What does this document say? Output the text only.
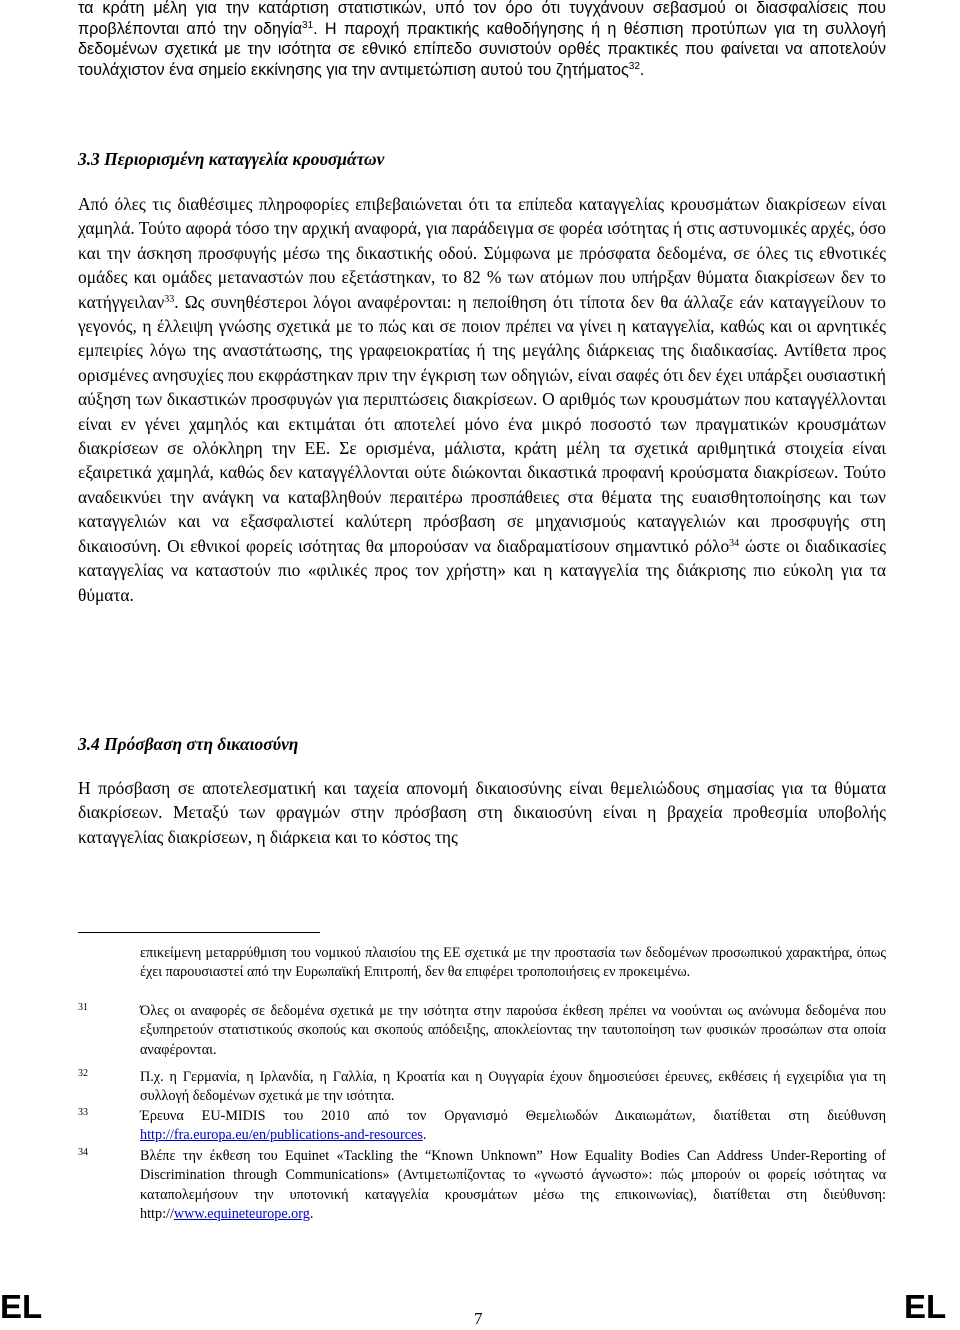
τα κράτη μέλη για την κατάρτιση στατιστικών, υπό τον όρο ότι τυγχάνουν σεβασμού οι διασφαλίσεις που προβλέπονται από την οδηγία$^{31}$. Η παροχή πρακτικής καθοδήγησης ή η θέσπιση προτύπων για τη συλλογή δεδομένων σχετικά με την ισότητα σε εθνικό επίπεδο συνιστούν ορθές πρακτικές που φαίνεται να αποτελούν τουλάχιστον ένα σημείο εκκίνησης για την αντιμετώπιση αυτού του ζητήματος$^{32}$.

3.3 Περιορισμένη καταγγελία κρουσμάτων

Από όλες τις διαθέσιμες πληροφορίες επιβεβαιώνεται ότι τα επίπεδα καταγγελίας κρουσμάτων διακρίσεων είναι χαμηλά. Τούτο αφορά τόσο την αρχική αναφορά, για παράδειγμα σε φορέα ισότητας ή στις αστυνομικές αρχές, όσο και την άσκηση προσφυγής μέσω της δικαστικής οδού. Σύμφωνα με πρόσφατα δεδομένα, σε όλες τις εθνοτικές ομάδες και ομάδες μεταναστών που εξετάστηκαν, το 82 % των ατόμων που υπήρξαν θύματα διακρίσεων δεν το κατήγγειλαν$^{33}$. Ως συνηθέστεροι λόγοι αναφέρονται: η πεποίθηση ότι τίποτα δεν θα άλλαζε εάν καταγγείλουν το γεγονός, η έλλειψη γνώσης σχετικά με το πώς και σε ποιον πρέπει να γίνει η καταγγελία, καθώς και οι αρνητικές εμπειρίες λόγω της αναστάτωσης, της γραφειοκρατίας ή της μεγάλης διάρκειας της διαδικασίας. Αντίθετα προς ορισμένες ανησυχίες που εκφράστηκαν πριν την έγκριση των οδηγιών, είναι σαφές ότι δεν έχει υπάρξει ουσιαστική αύξηση των δικαστικών προσφυγών για περιπτώσεις διακρίσεων. Ο αριθμός των κρουσμάτων που καταγγέλλονται είναι εν γένει χαμηλός και εκτιμάται ότι αποτελεί μόνο ένα μικρό ποσοστό των πραγματικών κρουσμάτων διακρίσεων σε ολόκληρη την ΕΕ. Σε ορισμένα, μάλιστα, κράτη μέλη τα σχετικά αριθμητικά στοιχεία είναι εξαιρετικά χαμηλά, καθώς δεν καταγγέλλονται ούτε διώκονται δικαστικά προφανή κρούσματα διακρίσεων. Τούτο αναδεικνύει την ανάγκη να καταβληθούν περαιτέρω προσπάθειες στα θέματα της ευαισθητοποίησης και των καταγγελιών και να εξασφαλιστεί καλύτερη πρόσβαση σε μηχανισμούς καταγγελιών και προσφυγής στη δικαιοσύνη. Οι εθνικοί φορείς ισότητας θα μπορούσαν να διαδραματίσουν σημαντικό ρόλο$^{34}$ ώστε οι διαδικασίες καταγγελίας να καταστούν πιο «φιλικές προς τον χρήστη» και η καταγγελία της διάκρισης πιο εύκολη για τα θύματα.

3.4 Πρόσβαση στη δικαιοσύνη

Η πρόσβαση σε αποτελεσματική και ταχεία απονομή δικαιοσύνης είναι θεμελιώδους σημασίας για τα θύματα διακρίσεων. Μεταξύ των φραγμών στην πρόσβαση στη δικαιοσύνη είναι η βραχεία προθεσμία υποβολής καταγγελίας διακρίσεων, η διάρκεια και το κόστος της

επικείμενη μεταρρύθμιση του νομικού πλαισίου της ΕΕ σχετικά με την προστασία των δεδομένων προσωπικού χαρακτήρα, όπως έχει παρουσιαστεί από την Ευρωπαϊκή Επιτροπή, δεν θα επιφέρει τροποποιήσεις εν προκειμένω.

31	Όλες οι αναφορές σε δεδομένα σχετικά με την ισότητα στην παρούσα έκθεση πρέπει να νοούνται ως ανώνυμα δεδομένα που εξυπηρετούν στατιστικούς σκοπούς και σκοπούς απόδειξης, αποκλείοντας την ταυτοποίηση των φυσικών προσώπων στα οποία αναφέρονται.

32	Π.χ. η Γερμανία, η Ιρλανδία, η Γαλλία, η Κροατία και η Ουγγαρία έχουν δημοσιεύσει έρευνες, εκθέσεις ή εγχειρίδια για τη συλλογή δεδομένων σχετικά με την ισότητα.

33	Έρευνα EU-MIDIS του 2010 από τον Οργανισμό Θεμελιωδών Δικαιωμάτων, διατίθεται στη διεύθυνση http://fra.europa.eu/en/publications-and-resources.

34	Βλέπε την έκθεση του Equinet «Tackling the “Known Unknown” How Equality Bodies Can Address Under-Reporting of Discrimination through Communications» (Αντιμετωπίζοντας το «γνωστό άγνωστο»: πώς μπορούν οι φορείς ισότητας να καταπολεμήσουν την υποτονική καταγγελία κρουσμάτων μέσω της επικοινωνίας), διατίθεται στη διεύθυνση: http://www.equineteurope.org.

EL	7	EL
